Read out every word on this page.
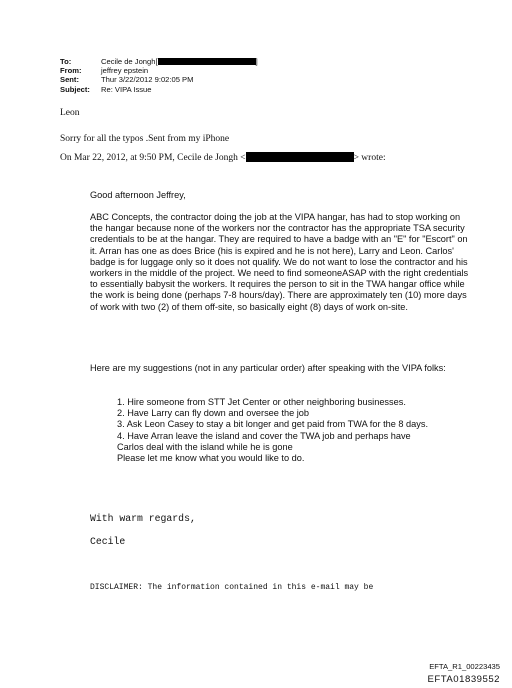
To:	Cecile de Jongh[	]
From:	jeffrey epstein
Sent:	Thur 3/22/2012 9:02:05 PM
Subject:	Re: VIPA Issue
Leon
Sorry for all the typos .Sent from my iPhone
On Mar 22, 2012, at 9:50 PM, Cecile de Jongh <	> wrote:
Good afternoon Jeffrey,
ABC Concepts, the contractor doing the job at the VIPA hangar, has had to stop working on the hangar because none of the workers nor the contractor has the appropriate TSA security credentials to be at the hangar. They are required to have a badge with an "E" for "Escort" on it. Arran has one as does Brice (his is expired and he is not here), Larry and Leon. Carlos' badge is for luggage only so it does not qualify. We do not want to lose the contractor and his workers in the middle of the project. We need to find someoneASAP with the right credentials to essentially babysit the workers. It requires the person to sit in the TWA hangar office while the work is being done (perhaps 7-8 hours/day). There are approximately ten (10) more days of work with two (2) of them off-site, so basically eight (8) days of work on-site.
Here are my suggestions (not in any particular order) after speaking with the VIPA folks:

1. Hire someone from STT Jet Center or other neighboring businesses.

2. Have Larry can fly down and oversee the job

3. Ask Leon Casey to stay a bit longer and get paid from TWA for the 8 days.

4. Have Arran leave the island and cover the TWA job and perhaps have Carlos deal with the island while he is gone

Please let me know what you would like to do.

With warm regards,
Cecile
DISCLAIMER: The information contained in this e-mail may be
EFTA_R1_00223435
EFTA01839552
